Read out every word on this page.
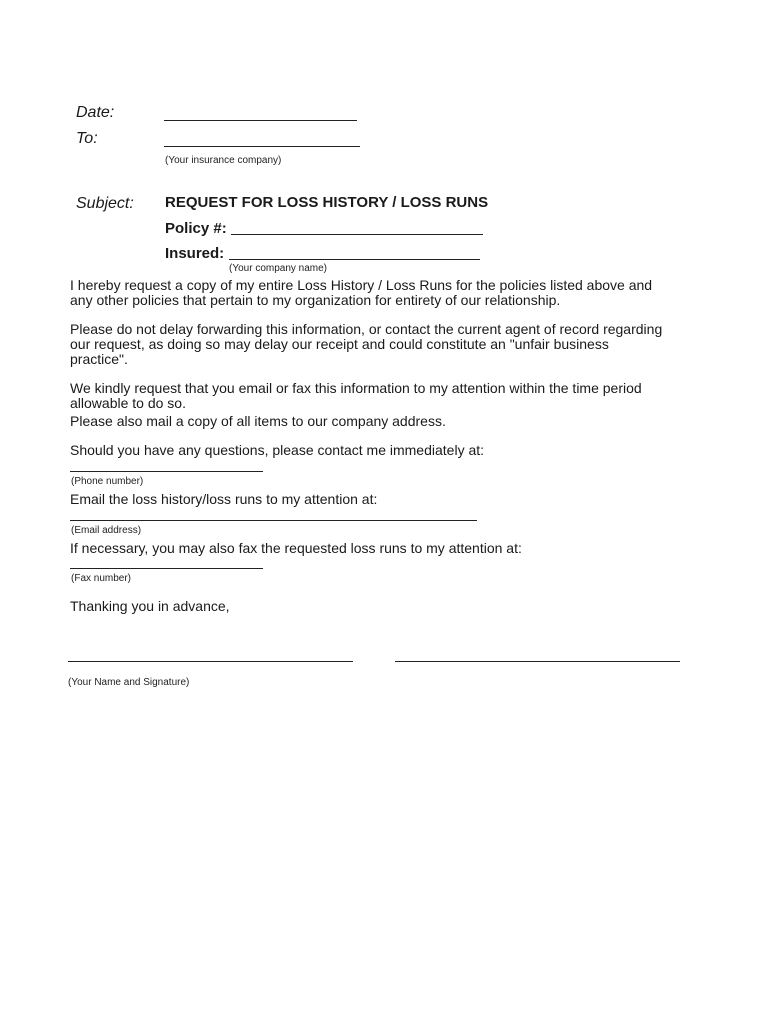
Date:
To:
(Your insurance company)
Subject: REQUEST FOR LOSS HISTORY / LOSS RUNS
Policy #:
Insured:
(Your company name)
I hereby request a copy of my entire Loss History / Loss Runs for the policies listed above and any other policies that pertain to my organization for entirety of our relationship.
Please do not delay forwarding this information, or contact the current agent of record regarding our request, as doing so may delay our receipt and could constitute an "unfair business practice".
We kindly request that you email or fax this information to my attention within the time period allowable to do so.
Please also mail a copy of all items to our company address.
Should you have any questions, please contact me immediately at:
(Phone number)
Email the loss history/loss runs to my attention at:
(Email address)
If necessary, you may also fax the requested loss runs to my attention at:
(Fax number)
Thanking you in advance,
(Your Name and Signature)
